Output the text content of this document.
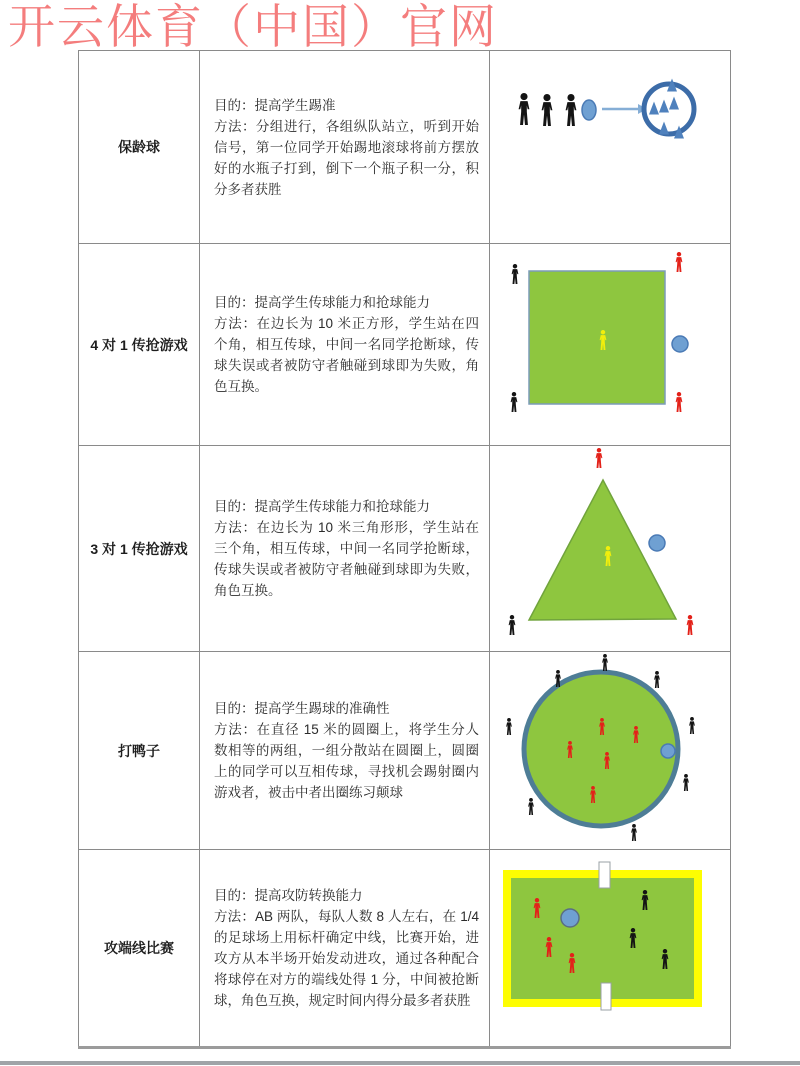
开云体育（中国）官网
保龄球	目的：提高学生踢准
方法：分组进行，各组纵队站立，听到开始信号，第一位同学开始踢地滚球将前方摆放好的水瓶子打到，倒下一个瓶子积一分，积分多者获胜

4 对 1 传抢游戏	目的：提高学生传球能力和抢球能力
方法：在边长为 10 米正方形，学生站在四个角，相互传球，中间一名同学抢断球，传球失误或者被防守者触碰到球即为失败，角色互换。

3 对 1 传抢游戏	目的：提高学生传球能力和抢球能力
方法：在边长为 10 米三角形形，学生站在三个角，相互传球，中间一名同学抢断球，传球失误或者被防守者触碰到球即为失败，角色互换。

打鸭子	目的：提高学生踢球的准确性
方法：在直径 15 米的圆圈上，将学生分人数相等的两组，一组分散站在圆圈上，圆圈上的同学可以互相传球，寻找机会踢射圈内游戏者，被击中者出圈练习颠球

攻端线比赛	目的：提高攻防转换能力
方法：AB 两队，每队人数 8 人左右，在 1/4 的足球场上用标杆确定中线，比赛开始，进攻方从本半场开始发动进攻，通过各种配合将球停在对方的端线处得 1 分，中间被抢断球，角色互换，规定时间内得分最多者获胜
